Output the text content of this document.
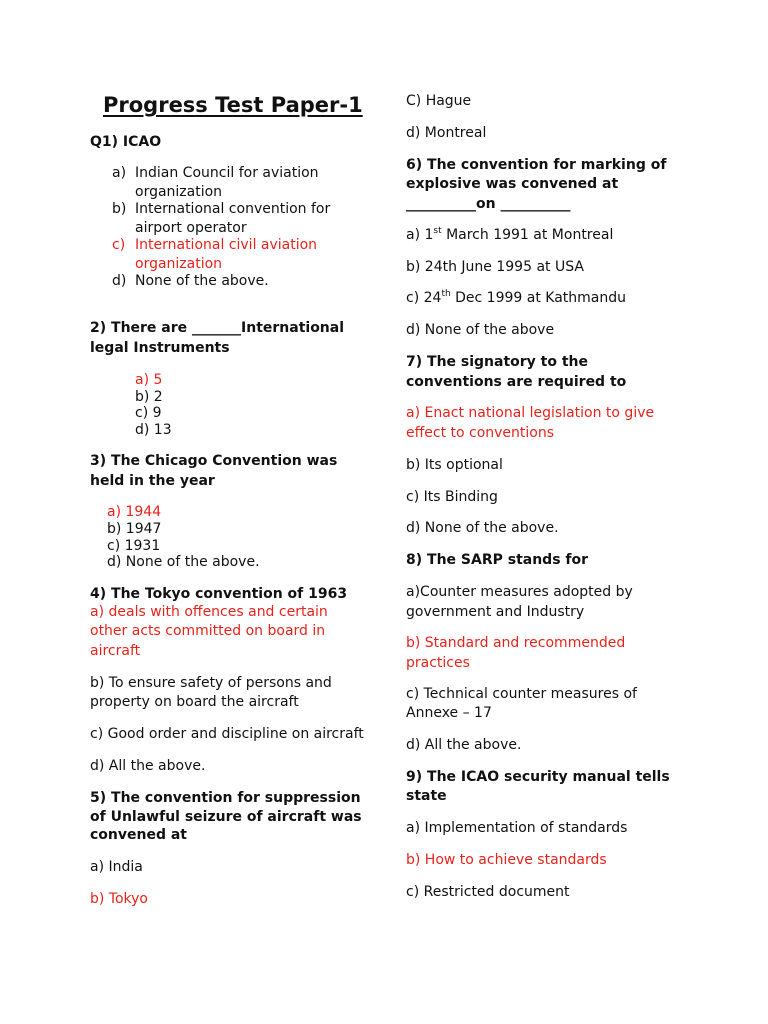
Progress Test Paper-1
Q1) ICAO
a) Indian Council for aviation
organization
b) International convention for
airport operator
c) International civil aviation
organization
d) None of the above.
2) There are _______International
legal Instruments
a) 5
b) 2
c) 9
d) 13
3) The Chicago Convention was
held in the year
a) 1944
b) 1947
c) 1931
d) None of the above.
4) The Tokyo convention of 1963
a) deals with offences and certain
other acts committed on board in
aircraft
b) To ensure safety of persons and
property on board the aircraft
c) Good order and discipline on aircraft
d) All the above.
5) The convention for suppression
of Unlawful seizure of aircraft was
convened at
a) India
b) Tokyo
C) Hague
d) Montreal
6) The convention for marking of
explosive was convened at
__________on __________
a) 1st March 1991 at Montreal
b) 24th June 1995 at USA
c) 24th Dec 1999 at Kathmandu
d) None of the above
7) The signatory to the
conventions are required to
a) Enact national legislation to give
effect to conventions
b) Its optional
c) Its Binding
d) None of the above.
8) The SARP stands for
a)Counter measures adopted by
government and Industry
b) Standard and recommended
practices
c) Technical counter measures of
Annexe – 17
d) All the above.
9) The ICAO security manual tells
state
a) Implementation of standards
b) How to achieve standards
c) Restricted document
